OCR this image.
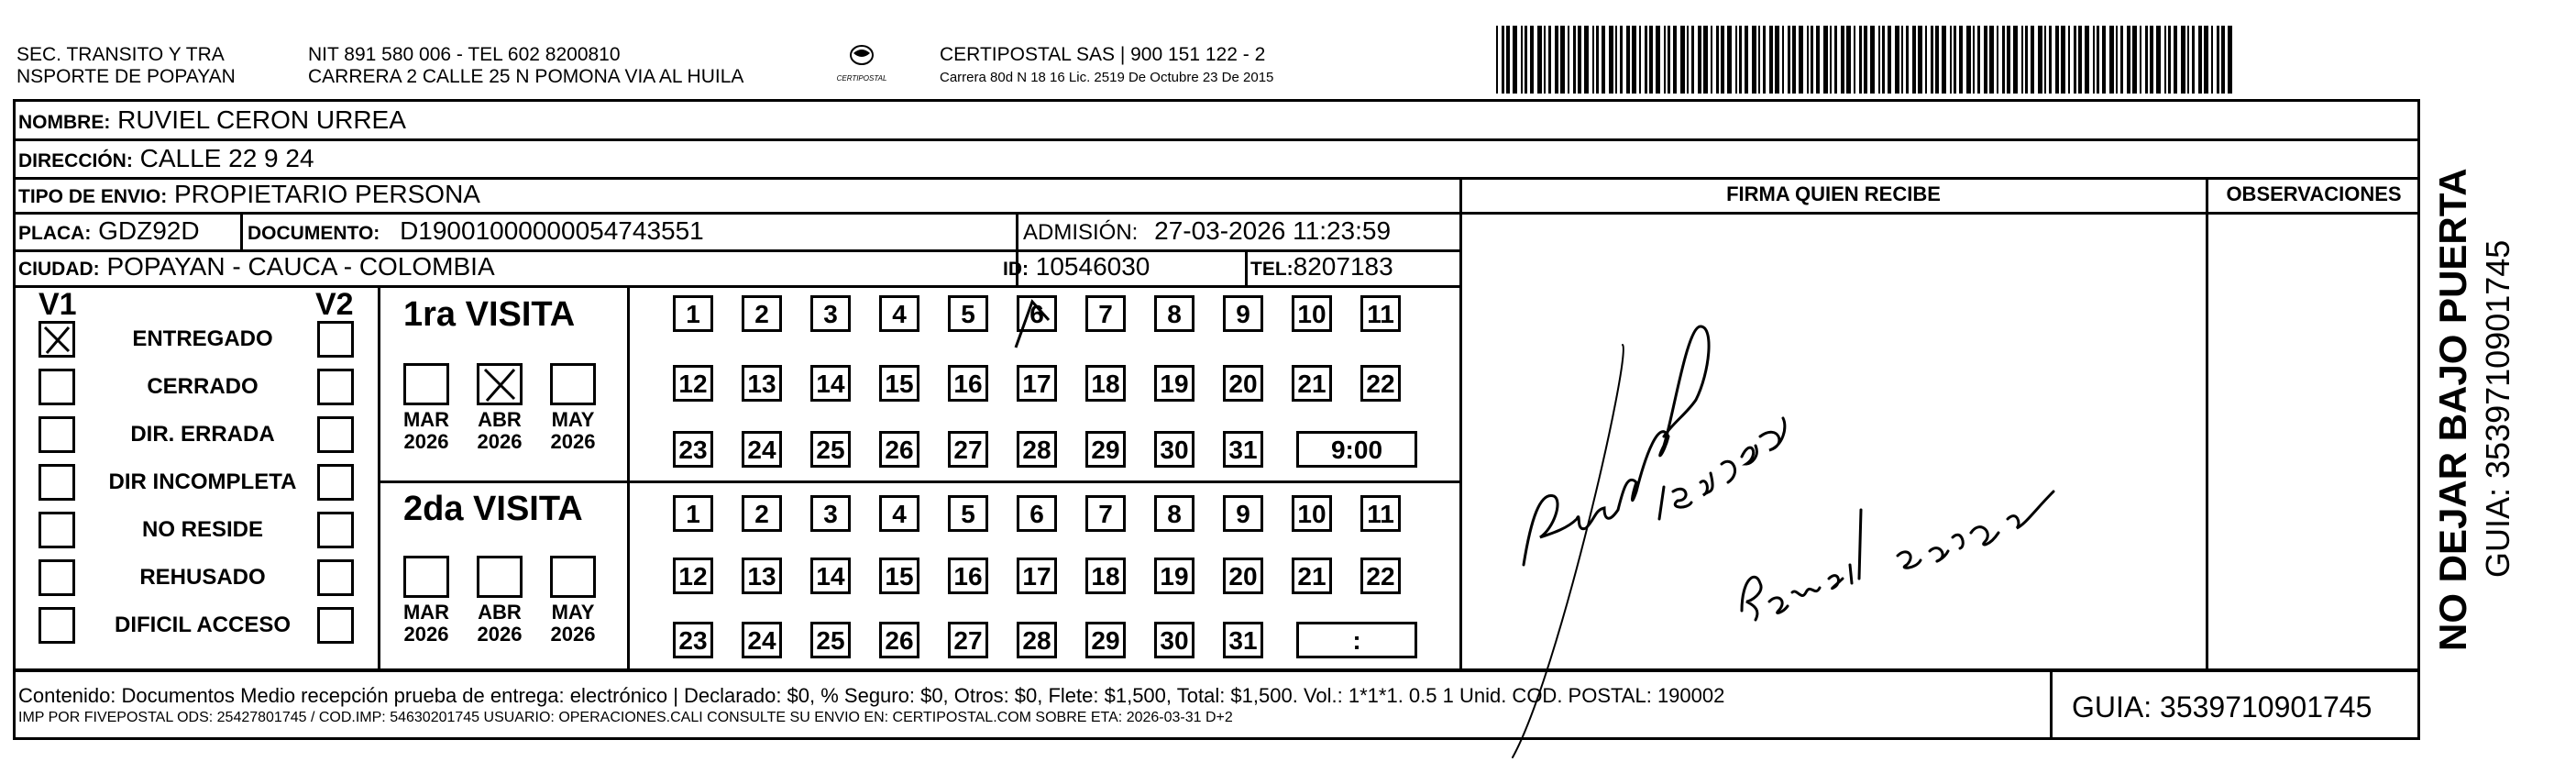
SEC. TRANSITO Y TRA
NSPORTE DE POPAYAN
NIT 891 580 006 - TEL 602 8200810
CARRERA 2 CALLE 25 N POMONA VIA AL HUILA	CERTIPOSTAL
CERTIPOSTAL SAS | 900 151 122 - 2
Carrera 80d N 18 16 Lic. 2519 De Octubre 23 De 2015
NOMBRE: RUVIEL CERON URREA
DIRECCIÓN: CALLE 22 9 24
TIPO DE ENVIO: PROPIETARIO PERSONA
PLACA: GDZ92D DOCUMENTO: D19001000000054743551	ADMISIÓN: 27-03-2026 11:23:59
CIUDAD: POPAYAN - CAUCA - COLOMBIA	ID: 10546030	TEL:8207183
FIRMA QUIEN RECIBE	OBSERVACIONES
V1	V2
ENTREGADO
CERRADO
DIR. ERRADA
DIR INCOMPLETA
NO RESIDE
REHUSADO
DIFICIL ACCESO
1ra VISITA
2da VISITA
MAR
2026
ABR
2026
MAY
2026
MAR
2026
ABR
2026
MAY
2026
1	2	3	4	5	6	7	8	9	10 11
12 13 14 15 16 17 18 19 20 21 22
23 24 25 26 27 28 29 30 31	9:00
1	2	3	4	5	6	7	8	9	10 11
12 13 14 15 16 17 18 19 20 21 22
23 24 25 26 27 28 29 30 31	:
Contenido: Documentos Medio recepción prueba de entrega: electrónico | Declarado: $0, % Seguro: $0, Otros: $0, Flete: $1,500, Total: $1,500. Vol.: 1*1*1. 0.5 1 Unid. COD. POSTAL: 190002
IMP POR FIVEPOSTAL ODS: 25427801745 / COD.IMP: 54630201745 USUARIO: OPERACIONES.CALI CONSULTE SU ENVIO EN: CERTIPOSTAL.COM SOBRE ETA: 2026-03-31 D+2	GUIA: 3539710901745
NO DEJAR BAJO PUERTA GUIA: 3539710901745
